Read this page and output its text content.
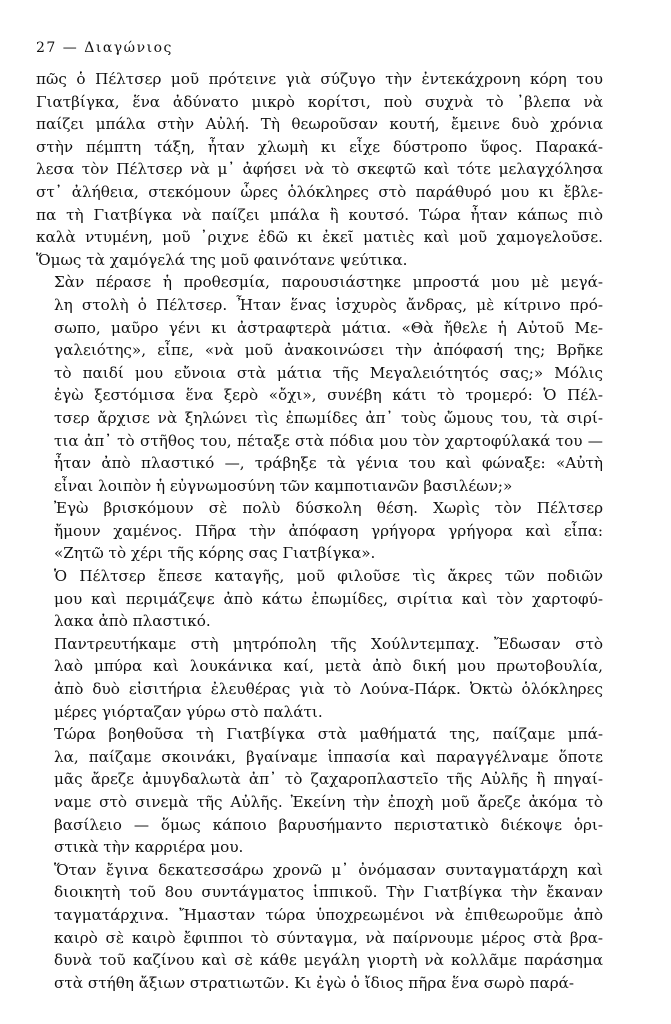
27 — Διαγώνιος
πῶς ὁ Πέλτσερ μοῦ πρότεινε γιὰ σύζυγο τὴν ἐντεκάχρονη κόρη του
Γιατβίγκα, ἕνα ἀδύνατο μικρὸ κορίτσι, ποὺ συχνὰ τὸ ᾿βλεπα νὰ
παίζει μπάλα στὴν Αὐλή. Τὴ θεωροῦσαν κουτή, ἔμεινε δυὸ χρόνια
στὴν πέμπτη τάξη, ἦταν χλωμὴ κι εἶχε δύστροπο ὕφος. Παρακά-
λεσα τὸν Πέλτσερ νὰ μ᾿ ἀφήσει νὰ τὸ σκεφτῶ καὶ τότε μελαγχόλησα
στ᾿ ἀλήθεια, στεκόμουν ὧρες ὁλόκληρες στὸ παράθυρό μου κι ἔβλε-
πα τὴ Γιατβίγκα νὰ παίζει μπάλα ἢ κουτσό. Τώρα ἦταν κάπως πιὸ
καλὰ ντυμένη, μοῦ ᾿ριχνε ἐδῶ κι ἐκεῖ ματιὲς καὶ μοῦ χαμογελοῦσε.
Ὅμως τὰ χαμόγελά της μοῦ φαινότανε ψεύτικα.
Σὰν πέρασε ἡ προθεσμία, παρουσιάστηκε μπροστά μου μὲ μεγά-
λη στολὴ ὁ Πέλτσερ. Ἦταν ἕνας ἰσχυρὸς ἄνδρας, μὲ κίτρινο πρό-
σωπο, μαῦρο γένι κι ἀστραφτερὰ μάτια. «Θὰ ἤθελε ἡ Αὐτοῦ Με-
γαλειότης», εἶπε, «νὰ μοῦ ἀνακοινώσει τὴν ἀπόφασή της; Βρῆκε
τὸ παιδί μου εὔνοια στὰ μάτια τῆς Μεγαλειότητός σας;» Μόλις
ἐγὼ ξεστόμισα ἕνα ξερὸ «ὄχι», συνέβη κάτι τὸ τρομερό: Ὁ Πέλ-
τσερ ἄρχισε νὰ ξηλώνει τὶς ἐπωμίδες ἀπ᾿ τοὺς ὤμους του, τὰ σιρί-
τια ἀπ᾿ τὸ στῆθος του, πέταξε στὰ πόδια μου τὸν χαρτοφύλακά του —
ἦταν ἀπὸ πλαστικό —, τράβηξε τὰ γένια του καὶ φώναξε: «Αὐτὴ
εἶναι λοιπὸν ἡ εὐγνωμοσύνη τῶν καμποτιανῶν βασιλέων;»
Ἐγὼ βρισκόμουν σὲ πολὺ δύσκολη θέση. Χωρὶς τὸν Πέλτσερ
ἤμουν χαμένος. Πῆρα τὴν ἀπόφαση γρήγορα γρήγορα καὶ εἶπα:
«Ζητῶ τὸ χέρι τῆς κόρης σας Γιατβίγκα».
Ὁ Πέλτσερ ἔπεσε καταγῆς, μοῦ φιλοῦσε τὶς ἄκρες τῶν ποδιῶν
μου καὶ περιμάζεψε ἀπὸ κάτω ἐπωμίδες, σιρίτια καὶ τὸν χαρτοφύ-
λακα ἀπὸ πλαστικό.
Παντρευτήκαμε στὴ μητρόπολη τῆς Χούλντεμπαχ. Ἔδωσαν στὸ
λαὸ μπύρα καὶ λουκάνικα καί, μετὰ ἀπὸ δική μου πρωτοβουλία,
ἀπὸ δυὸ εἰσιτήρια ἐλευθέρας γιὰ τὸ Λούνα-Πάρκ. Ὀκτὼ ὁλόκληρες
μέρες γιόρταζαν γύρω στὸ παλάτι.
Τώρα βοηθοῦσα τὴ Γιατβίγκα στὰ μαθήματά της, παίζαμε μπά-
λα, παίζαμε σκοινάκι, βγαίναμε ἱππασία καὶ παραγγέλναμε ὅποτε
μᾶς ἄρεζε ἀμυγδαλωτὰ ἀπ᾿ τὸ ζαχαροπλαστεῖο τῆς Αὐλῆς ἢ πηγαί-
ναμε στὸ σινεμὰ τῆς Αὐλῆς. Ἐκείνη τὴν ἐποχὴ μοῦ ἄρεζε ἀκόμα τὸ
βασίλειο — ὅμως κάποιο βαρυσήμαντο περιστατικὸ διέκοψε ὁρι-
στικὰ τὴν καρριέρα μου.
Ὅταν ἔγινα δεκατεσσάρω χρονῶ μ᾿ ὀνόμασαν συνταγματάρχη καὶ
διοικητὴ τοῦ 8ου συντάγματος ἱππικοῦ. Τὴν Γιατβίγκα τὴν ἔκαναν
ταγματάρχινα. Ἤμασταν τώρα ὑποχρεωμένοι νὰ ἐπιθεωροῦμε ἀπὸ
καιρὸ σὲ καιρὸ ἔφιπποι τὸ σύνταγμα, νὰ παίρνουμε μέρος στὰ βρα-
δυνὰ τοῦ καζίνου καὶ σὲ κάθε μεγάλη γιορτὴ νὰ κολλᾶμε παράσημα
στὰ στήθη ἄξιων στρατιωτῶν. Κι ἐγὼ ὁ ἴδιος πῆρα ἕνα σωρὸ παρά-
